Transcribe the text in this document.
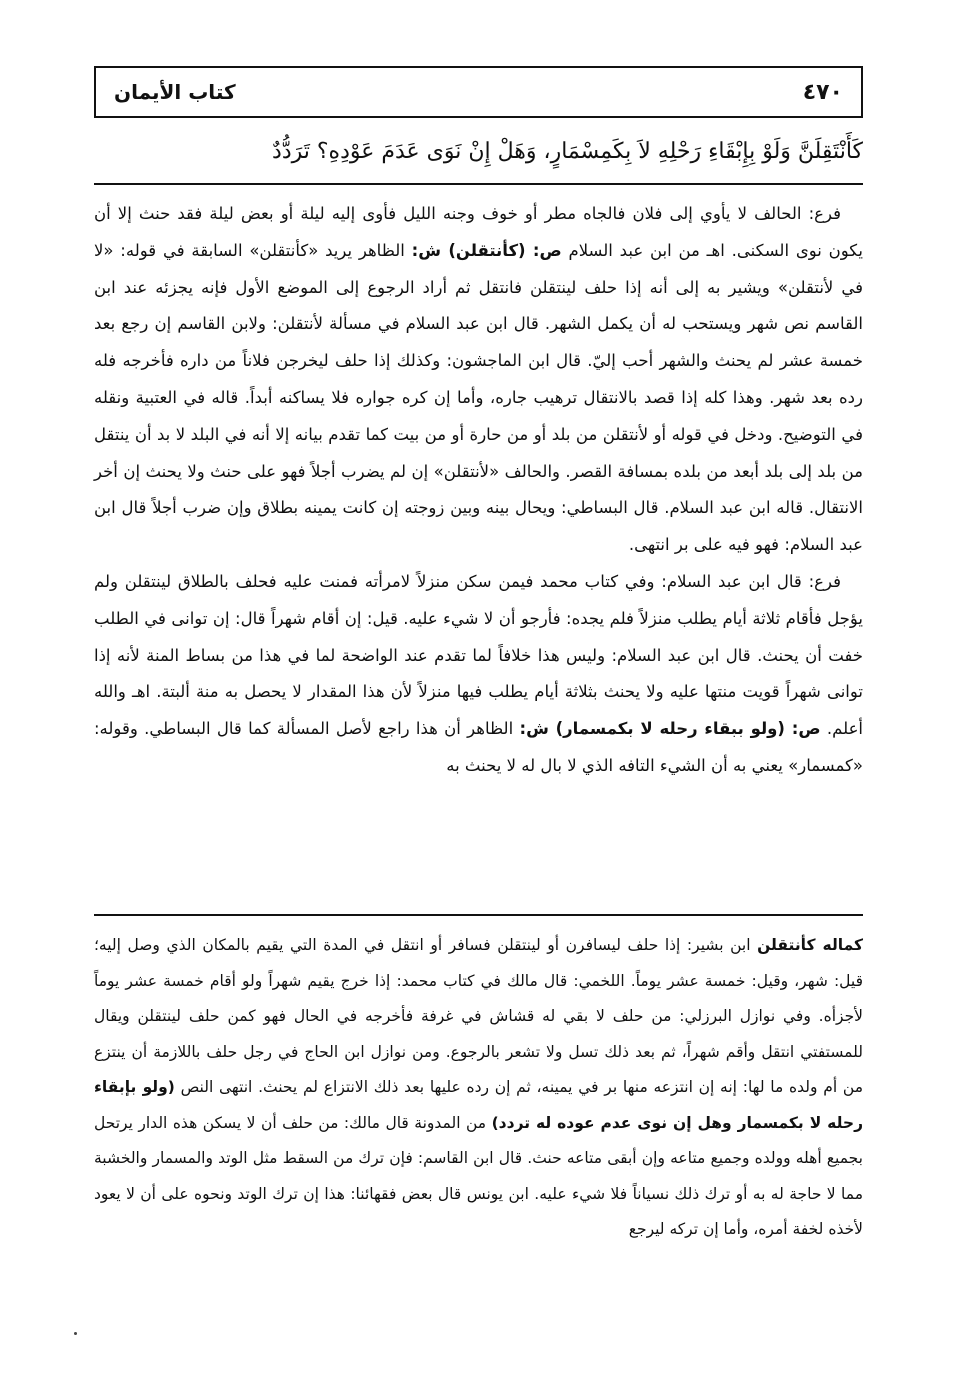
٤٧٠
كتاب الأيمان
كَأَنْتَقِلَنَّ وَلَوْ بِإِبْقَاءِ رَحْلِهِ لاَ بِكَمِسْمَارٍ، وَهَلْ إِنْ نَوَى عَدَمَ عَوْدِهِ؟ تَرَدُّدٌ

فرع: الحالف لا يأوي إلى فلان فالجاه مطر أو خوف وجنه الليل فأوى إليه ليلة أو بعض ليلة فقد حنث إلا أن يكون نوى السكنى. اهـ من ابن عبد السلام ص: (كأنتقلن) ش: الظاهر يريد «كأنتقلن» السابقة في قوله: «لا في لأنتقلن» ويشير به إلى أنه إذا حلف لينتقلن فانتقل ثم أراد الرجوع إلى الموضع الأول فإنه يجزئه عند ابن القاسم نص شهر ويستحب له أن يكمل الشهر. قال ابن عبد السلام في مسألة لأنتقلن: ولابن القاسم إن رجع بعد خمسة عشر لم يحنث والشهر أحب إليّ. قال ابن الماجشون: وكذلك إذا حلف ليخرجن فلاناً من داره فأخرجه فله رده بعد شهر. وهذا كله إذا قصد بالانتقال ترهيب جاره، وأما إن كره جواره فلا يساكنه أبداً. قاله في العتبية ونقله في التوضيح. ودخل في قوله أو لأنتقلن من بلد أو من حارة أو من بيت كما تقدم بيانه إلا أنه في البلد لا بد أن ينتقل من بلد إلى بلد أبعد من بلده بمسافة القصر. والحالف «لأنتقلن» إن لم يضرب أجلاً فهو على حنث ولا يحنث إن أخر الانتقال. قاله ابن عبد السلام. قال البساطي: ويحال بينه وبين زوجته إن كانت يمينه بطلاق وإن ضرب أجلاً قال ابن عبد السلام: فهو فيه على بر انتهى.

فرع: قال ابن عبد السلام: وفي كتاب محمد فيمن سكن منزلاً لامرأته فمنت عليه فحلف بالطلاق لينتقلن ولم يؤجل فأقام ثلاثة أيام يطلب منزلاً فلم يجده: فأرجو أن لا شيء عليه. قيل: إن أقام شهراً قال: إن توانى في الطلب خفت أن يحنث. قال ابن عبد السلام: وليس هذا خلافاً لما تقدم عند الواضحة لما في هذا من بساط المنة لأنه إذا توانى شهراً قويت منتها عليه ولا يحنث بثلاثة أيام يطلب فيها منزلاً لأن هذا المقدار لا يحصل به منة ألبتة. اهـ والله أعلم. ص: (ولو ببقاء رحله لا بكمسمار) ش: الظاهر أن هذا راجع لأصل المسألة كما قال البساطي. وقوله: «كمسمار» يعني به أن الشيء التافه الذي لا بال له لا يحنث به

كماله كأنتقلن ابن بشير: إذا حلف ليسافرن أو لينتقلن فسافر أو انتقل في المدة التي يقيم بالمكان الذي وصل إليه؛ قيل: شهر، وقيل: خمسة عشر يوماً. اللخمي: قال مالك في كتاب محمد: إذا خرج يقيم شهراً ولو أقام خمسة عشر يوماً لأجزأه. وفي نوازل البرزلي: من حلف لا بقي له قشاش في غرفة فأخرجه في الحال فهو كمن حلف لينتقلن ويقال للمستفتي انتقل وأقم شهراً، ثم بعد ذلك تسل ولا تشعر بالرجوع. ومن نوازل ابن الحاج في رجل حلف باللازمة أن ينتزع من أم ولده ما لها: إنه إن انتزعه منها بر في يمينه، ثم إن رده عليها بعد ذلك الانتزاع لم يحنث. انتهى النص (ولو بإبقاء رحله لا بكمسمار وهل إن نوى عدم عوده له تردد) من المدونة قال مالك: من حلف أن لا يسكن هذه الدار يرتحل بجميع أهله وولده وجميع متاعه وإن أبقى متاعه حنث. قال ابن القاسم: فإن ترك من السقط مثل الوتد والمسمار والخشبة مما لا حاجة له به أو ترك ذلك نسياناً فلا شيء عليه. ابن يونس قال بعض فقهائنا: هذا إن ترك الوتد ونحوه على أن لا يعود لأخذه لخفة أمره، وأما إن تركه ليرجع
